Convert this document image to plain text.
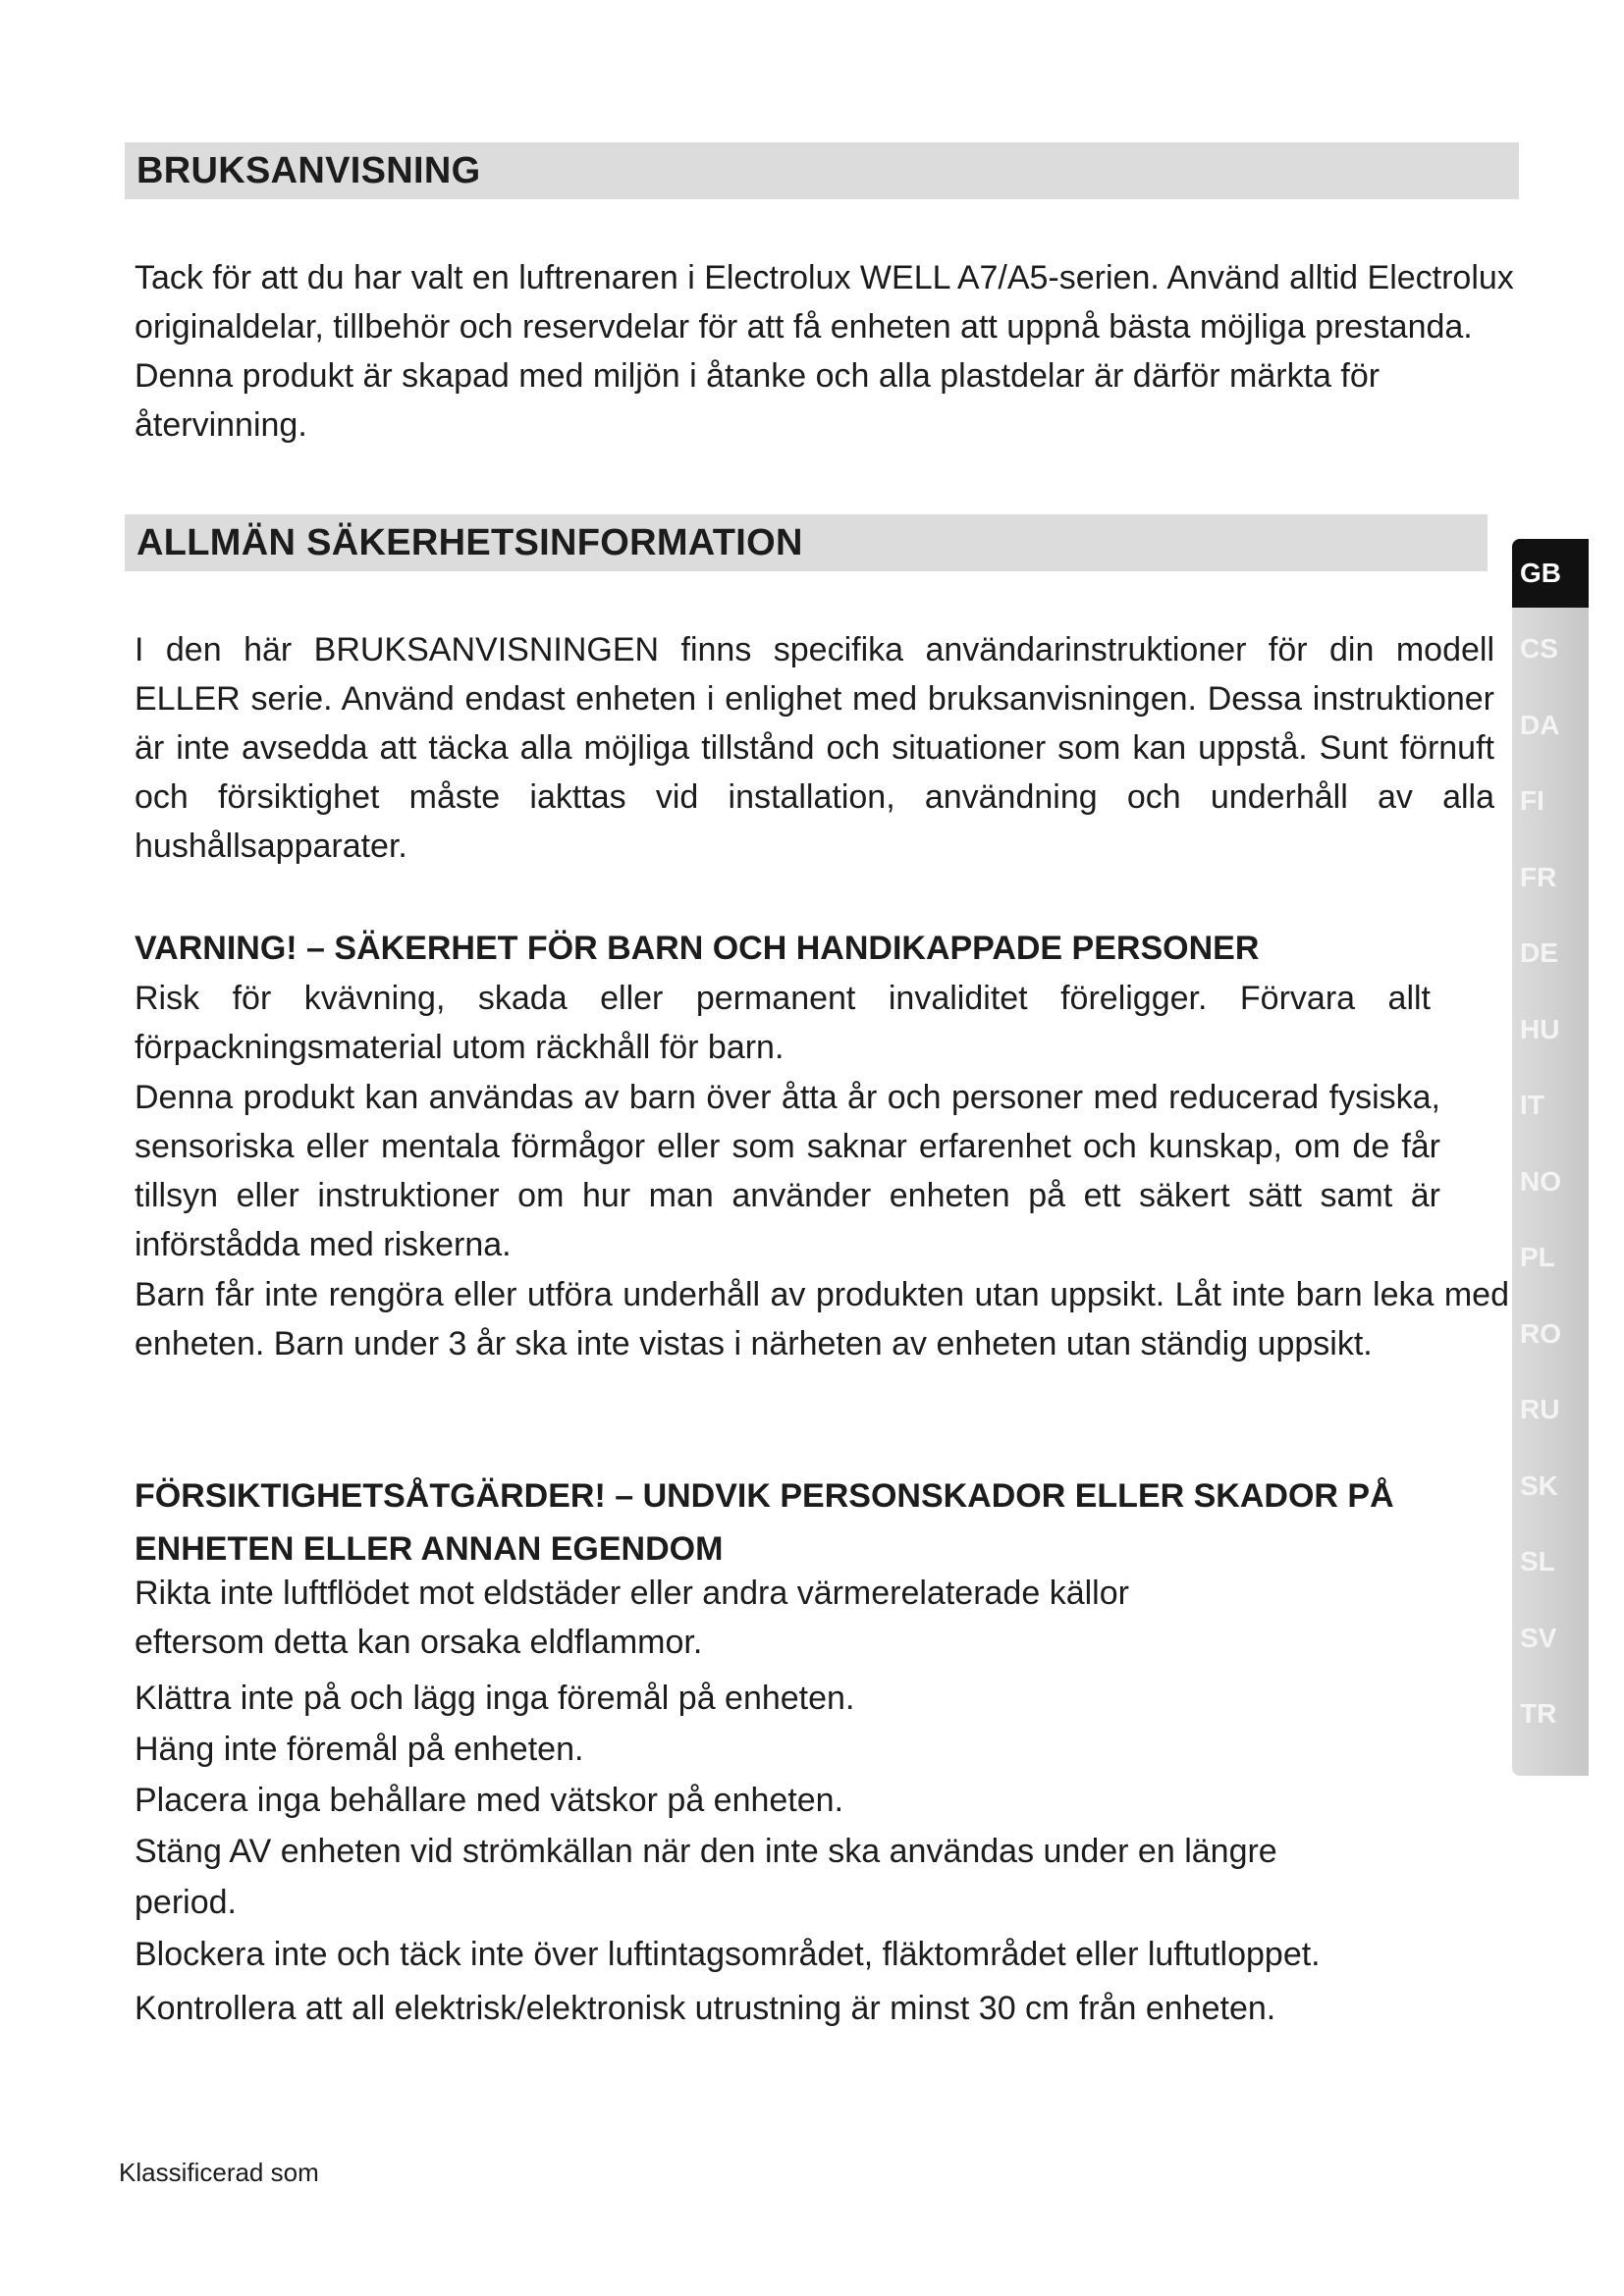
BRUKSANVISNING

Tack för att du har valt en luftrenaren i Electrolux WELL A7/A5-serien. Använd alltid Electrolux originaldelar, tillbehör och reservdelar för att få enheten att uppnå bästa möjliga prestanda. Denna produkt är skapad med miljön i åtanke och alla plastdelar är därför märkta för återvinning.

ALLMÄN SÄKERHETSINFORMATION

I den här BRUKSANVISNINGEN finns specifika användarinstruktioner för din modell ELLER serie. Använd endast enheten i enlighet med bruksanvisningen. Dessa instruktioner är inte avsedda att täcka alla möjliga tillstånd och situationer som kan uppstå. Sunt förnuft och försiktighet måste iakttas vid installation, användning och underhåll av alla hushållsapparater.

VARNING! – SÄKERHET FÖR BARN OCH HANDIKAPPADE PERSONER

Risk för kvävning, skada eller permanent invaliditet föreligger. Förvara allt förpackningsmaterial utom räckhåll för barn.

Denna produkt kan användas av barn över åtta år och personer med reducerad fysiska, sensoriska eller mentala förmågor eller som saknar erfarenhet och kunskap, om de får tillsyn eller instruktioner om hur man använder enheten på ett säkert sätt samt är införstådda med riskerna.

Barn får inte rengöra eller utföra underhåll av produkten utan uppsikt. Låt inte barn leka med enheten. Barn under 3 år ska inte vistas i närheten av enheten utan ständig uppsikt.

FÖRSIKTIGHETSÅTGÄRDER! – UNDVIK PERSONSKADOR ELLER SKADOR PÅ ENHETEN ELLER ANNAN EGENDOM

Rikta inte luftflödet mot eldstäder eller andra värmerelaterade källor

eftersom detta kan orsaka eldflammor.

Klättra inte på och lägg inga föremål på enheten.

Häng inte föremål på enheten.

Placera inga behållare med vätskor på enheten.

Stäng AV enheten vid strömkällan när den inte ska användas under en längre

period.

Blockera inte och täck inte över luftintagsområdet, fläktområdet eller luftutloppet.

Kontrollera att all elektrisk/elektronisk utrustning är minst 30 cm från enheten.

GB
CS
DA
FI
FR
DE
HU
IT
NO
PL
RO
RU
SK
SL
SV
TR

Klassificerad som
